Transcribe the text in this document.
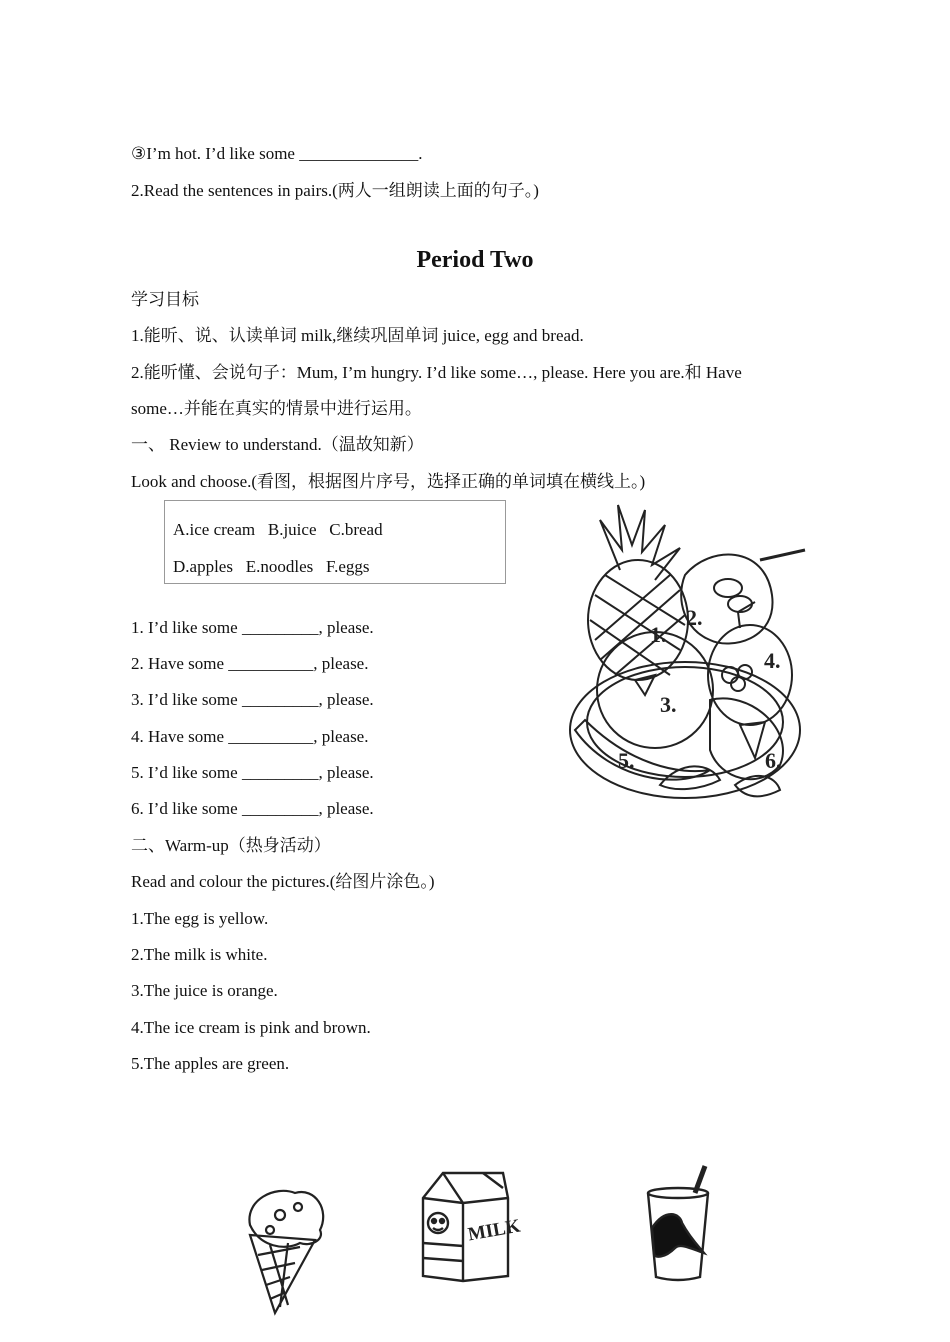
③I’m hot. I’d like some ______________.
2.Read the sentences in pairs.(两人一组朗读上面的句子。)
Period Two
学习目标
1.能听、说、认读单词 milk,继续巩固单词 juice, egg and bread.
2.能听懂、会说句子：Mum, I’m hungry. I’d like some…, please. Here you are.和 Have
some…并能在真实的情景中进行运用。
一、 Review to understand.（温故知新）
Look and choose.(看图，根据图片序号，选择正确的单词填在横线上。)
A.ice cream   B.juice   C.bread
D.apples   E.noodles   F.eggs
1. I’d like some _________, please.
2. Have some __________, please.
3. I’d like some _________, please.
4. Have some __________, please.
5. I’d like some _________, please.
6. I’d like some _________, please.
1.
2.
3.
4.
5.	6.
二、Warm-up（热身活动）
Read and colour the pictures.(给图片涂色。)
1.The egg is yellow.
2.The milk is white.
3.The juice is orange.
4.The ice cream is pink and brown.
5.The apples are green.
MILK
